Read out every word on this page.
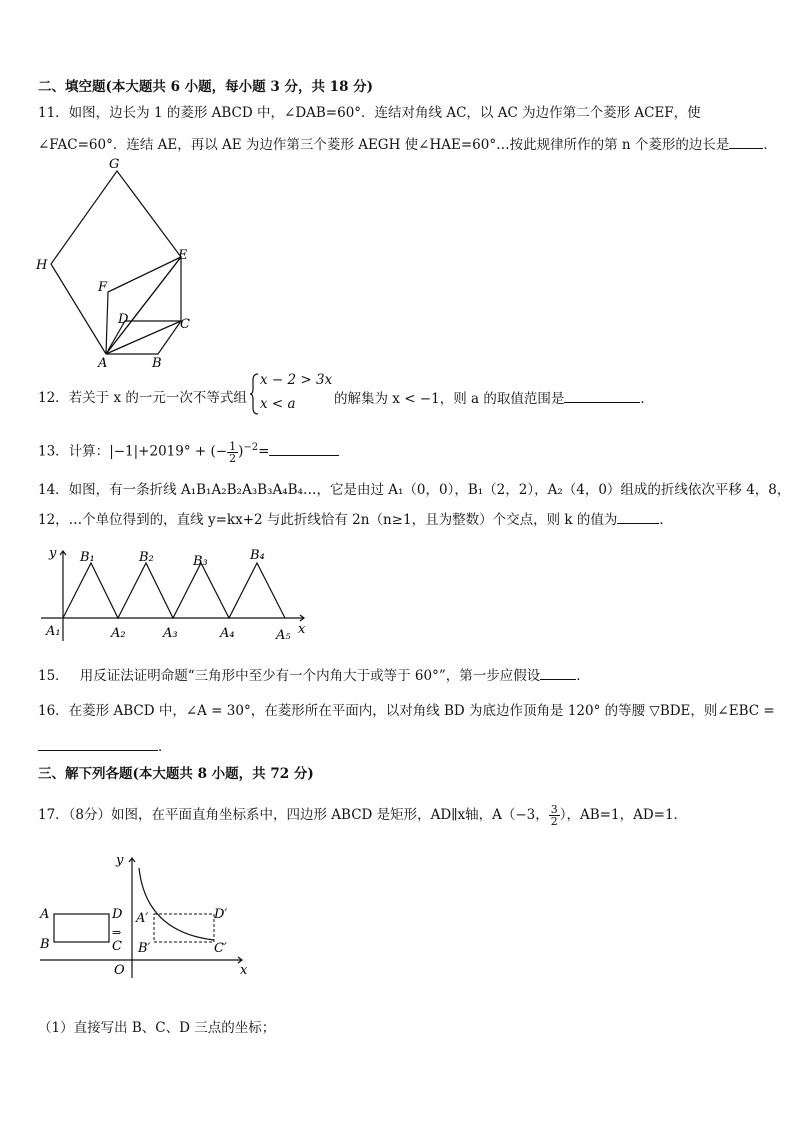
二、填空题(本大题共 6 小题，每小题 3 分，共 18 分)
11．如图，边长为 1 的菱形 ABCD 中，∠DAB=60°．连结对角线 AC，以 AC 为边作第二个菱形 ACEF，使
∠FAC=60°．连结 AE，再以 AE 为边作第三个菱形 AEGH 使∠HAE=60°…按此规律所作的第 n 个菱形的边长是	．
G
H
E
F
D	C
A	B
12．若关于 x 的一元一次不等式组
x − 2 > 3x
x < a	的解集为 x < −1，则 a 的取值范围是	．
13．计算：|−1|+2019° + (− $\frac{1}{2} )^{-2}=$
14．如图，有一条折线 A₁B₁A₂B₂A₃B₃A₄B₄…，它是由过 A₁（0，0），B₁（2，2），A₂（4，0）组成的折线依次平移 4，8，
12，…个单位得到的，直线 y=kx+2 与此折线恰有 2n（n≥1，且为整数）个交点，则 k 的值为	．
y
x
B₁	B₂	B₃	B₄
A₁	A₂	A₃	A₄	A₅
15．　 用反证法证明命题“三角形中至少有一个内角大于或等于 60°”，第一步应假设	．
16．在菱形 ABCD 中，∠A = 30°，在菱形所在平面内，以对角线 BD 为底边作顶角是 120° 的等腰 ▽BDE，则∠EBC =
．
三、解下列各题(本大题共 8 小题，共 72 分)
17．（8分）如图，在平面直角坐标系中，四边形 ABCD 是矩形，AD∥x轴，A（−3， $\frac{3}{2}$ ），AB=1，AD=1．
y
x
O
A
B
D
C
⇒
A′
B′	C′
D′
（1）直接写出 B、C、D 三点的坐标；
